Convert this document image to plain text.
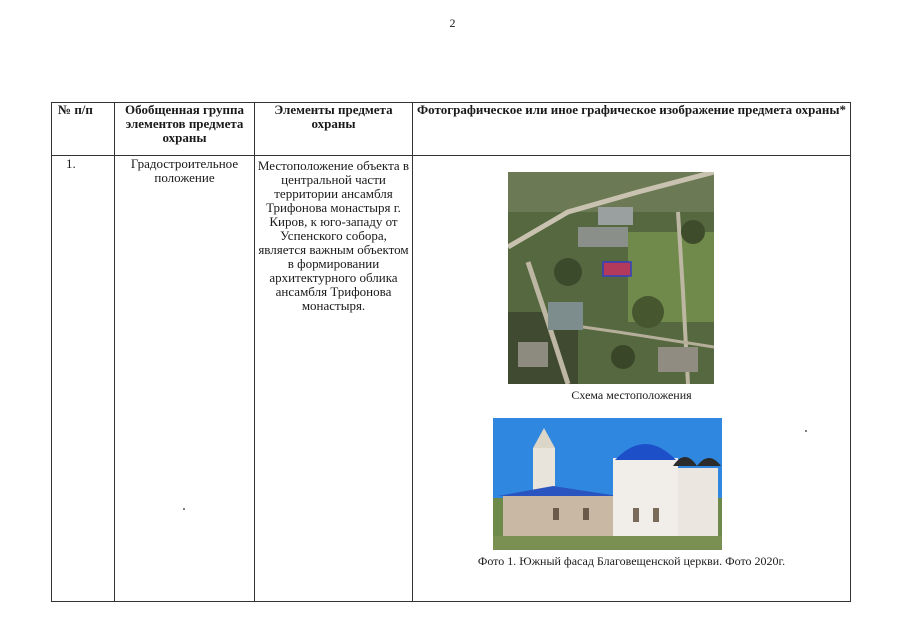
2
№ п/п	Обобщенная группа элементов предмета охраны	Элементы предмета охраны	Фотографическое или иное графическое изображение предмета охраны*
1.	Градостроительное положение	Местоположение объекта в центральной части территории ансамбля Трифонова монастыря г. Киров, к юго-западу от Успенского собора, является важным объектом в формировании архитектурного облика ансамбля Трифонова монастыря.	Схема местоположения
Фото 1. Южный фасад Благовещенской церкви. Фото 2020г.
